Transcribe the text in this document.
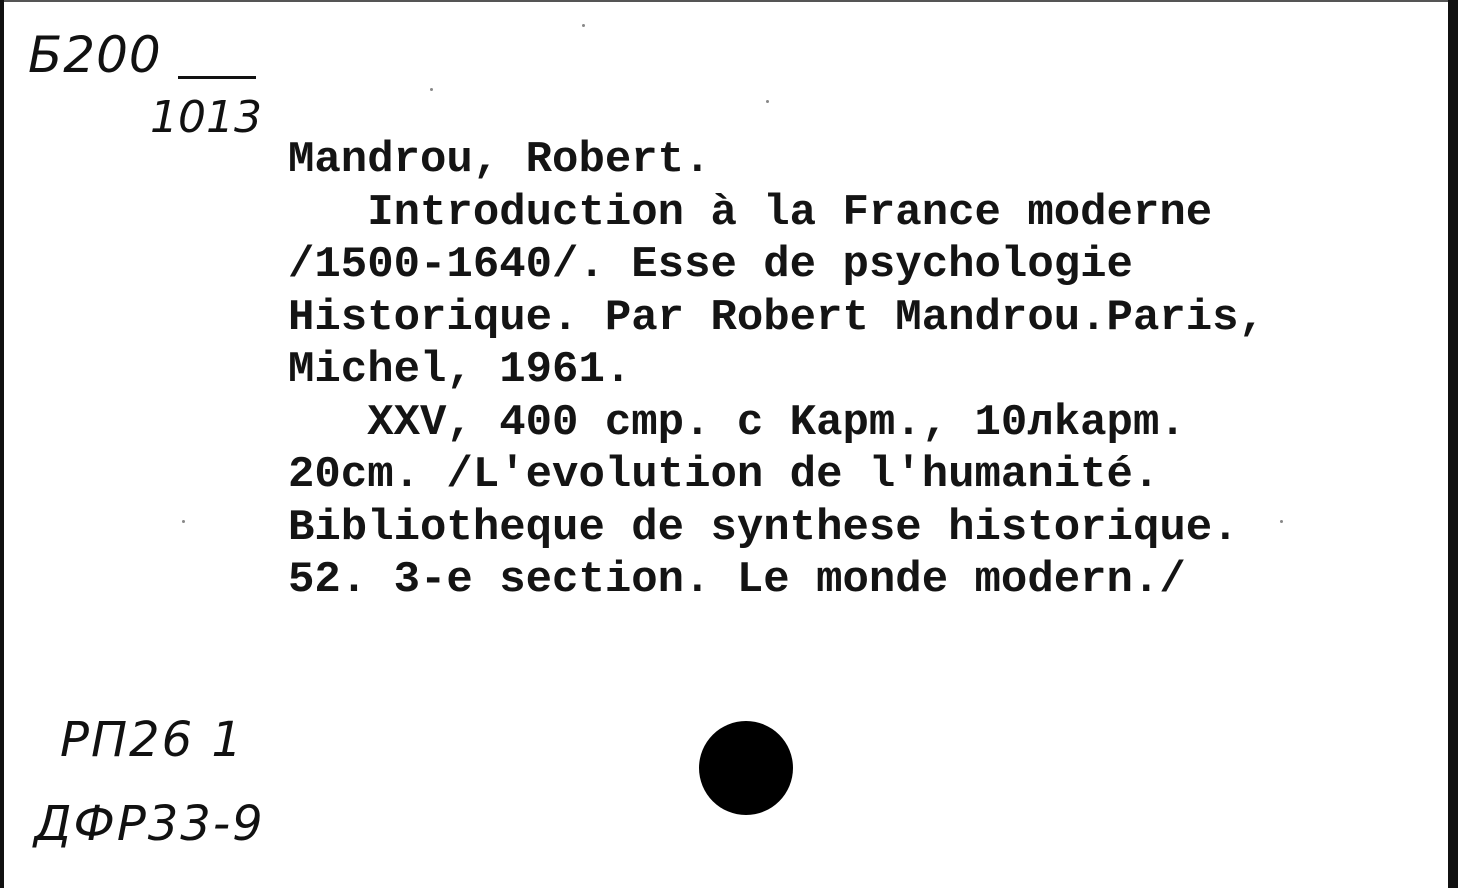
Б200
1013
Mandrou, Robert.
Introduction à la France moderne
/1500-1640/. Esse de psychologie
Historique. Par Robert Mandrou.Paris,
Michel, 1961.
XXV, 400 cmp. c Kapm., 10лkapm.
20cm. /L'evolution de l'humanité.
Bibliotheque de synthese historique.
52. 3-e section. Le monde modern./
РП26 1
ДФР33-9
